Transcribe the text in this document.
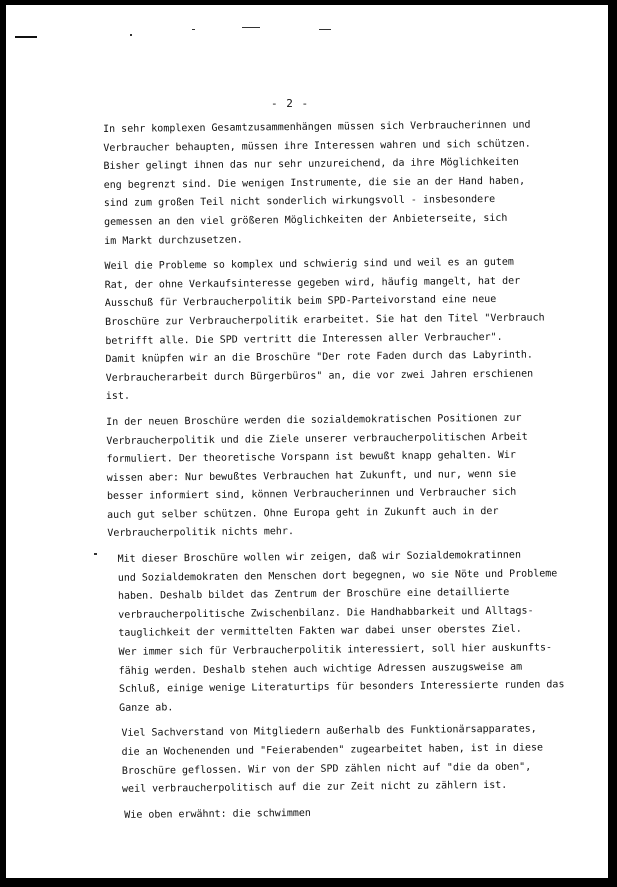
- 2 -
In sehr komplexen Gesamtzusammenhängen müssen sich Verbraucherinnen und
Verbraucher behaupten, müssen ihre Interessen wahren und sich schützen.
Bisher gelingt ihnen das nur sehr unzureichend, da ihre Möglichkeiten
eng begrenzt sind. Die wenigen Instrumente, die sie an der Hand haben,
sind zum großen Teil nicht sonderlich wirkungsvoll - insbesondere
gemessen an den viel größeren Möglichkeiten der Anbieterseite, sich
im Markt durchzusetzen.
Weil die Probleme so komplex und schwierig sind und weil es an gutem
Rat, der ohne Verkaufsinteresse gegeben wird, häufig mangelt, hat der
Ausschuß für Verbraucherpolitik beim SPD-Parteivorstand eine neue
Broschüre zur Verbraucherpolitik erarbeitet. Sie hat den Titel "Verbrauch
betrifft alle. Die SPD vertritt die Interessen aller Verbraucher".
Damit knüpfen wir an die Broschüre "Der rote Faden durch das Labyrinth.
Verbraucherarbeit durch Bürgerbüros" an, die vor zwei Jahren erschienen
ist.
In der neuen Broschüre werden die sozialdemokratischen Positionen zur
Verbraucherpolitik und die Ziele unserer verbraucherpolitischen Arbeit
formuliert. Der theoretische Vorspann ist bewußt knapp gehalten. Wir
wissen aber: Nur bewußtes Verbrauchen hat Zukunft, und nur, wenn sie
besser informiert sind, können Verbraucherinnen und Verbraucher sich
auch gut selber schützen. Ohne Europa geht in Zukunft auch in der
Verbraucherpolitik nichts mehr.
Mit dieser Broschüre wollen wir zeigen, daß wir Sozialdemokratinnen
und Sozialdemokraten den Menschen dort begegnen, wo sie Nöte und Probleme
haben. Deshalb bildet das Zentrum der Broschüre eine detaillierte
verbraucherpolitische Zwischenbilanz. Die Handhabbarkeit und Alltags-
tauglichkeit der vermittelten Fakten war dabei unser oberstes Ziel.
Wer immer sich für Verbraucherpolitik interessiert, soll hier auskunfts-
fähig werden. Deshalb stehen auch wichtige Adressen auszugsweise am
Schluß, einige wenige Literaturtips für besonders Interessierte runden das
Ganze ab.
Viel Sachverstand von Mitgliedern außerhalb des Funktionärsapparates,
die an Wochenenden und "Feierabenden" zugearbeitet haben, ist in diese
Broschüre geflossen. Wir von der SPD zählen nicht auf "die da oben",
weil verbraucherpolitisch auf die zur Zeit nicht zu zählern ist.
Wie oben erwähnt: die schwimmen
